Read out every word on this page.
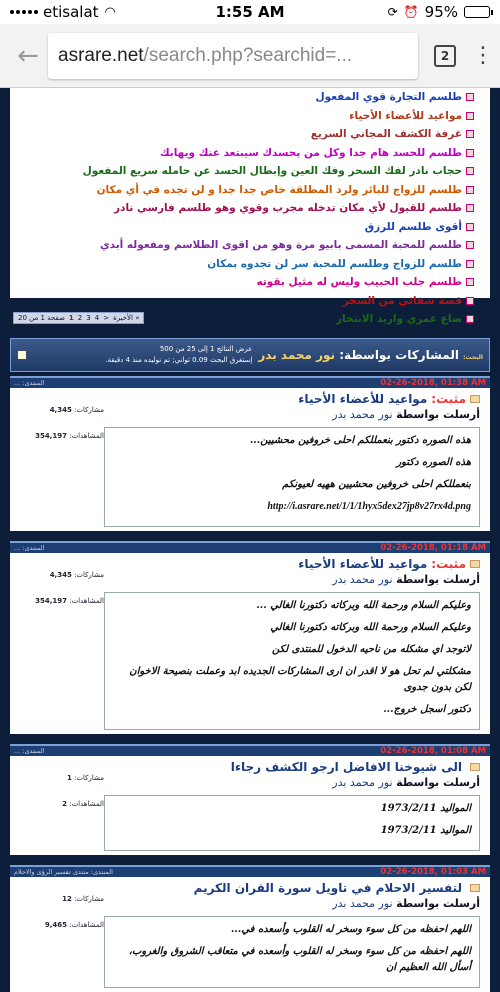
etisalat ◠	1:55 AM	⟳ ⏰ 95%
←	asrare.net /search.php?searchid=...	2	⋮
طلسم التجارة قوي المفعول
مواعيد للأعضاء الأحياء
غرفة الكشف المجاني السريع
طلسم للحسد هام جدا وكل من يحسدك سيبتعد عنك ويهابك
حجاب نادر لفك السحر وفك العين وإبطال الحسد عن حامله سريع المفعول
طلسم للزواج للبائر ولرد المطلقة خاص جدا جدا و لن تجده في أي مكان
طلسم للقبول لأي مكان تدخله مجرب وقوي وهو طلسم فارسي نادر
أقوى طلسم للرزق
طلسم للمحبة المسمى بابيو مرة وهو من اقوى الطلاسم ومفعوله أبدي
طلسم للزواج وطلسم للمحبة سر لن تجدوه بمكان
طلسم جلب الحبيب وليس له مثيل بقوته
قصة شفائي من السحر
ضاع عمري وارید الانتحار
صفحة 1 من 20 1 2 3 4 > الأخيرة »
عرض النتائج 1 إلى 25 من 500
إستغرق البحث 0.09 ثواني; تم توليده منذ 4 دقيقة.	البحث: المشاركات بواسطة: نور محمد بدر
المنتدى: ...	02-26-2018, 01:38 AM
مشاركات: 4,345
المشاهدات: 354,197
مثبت:
مواعيد للأعضاء الأحياء
أرسلت بواسطة نور محمد بدر

هذه الصوره دكتور بنعمللكم احلى خروفين محشيين...

هذه الصوره دكتور

بنعمللكم احلى خروفين محشيين ههيه لعيونكم

http://i.asrare.net/1/1/1hyx5dex27jp8v27rx4d.png

المنتدى: ...	02-26-2018, 01:18 AM
مشاركات: 4,345
المشاهدات: 354,197
مثبت:
مواعيد للأعضاء الأحياء
أرسلت بواسطة نور محمد بدر

وعليكم السلام ورحمة الله وبركاته دكتورنا الغالي ...

وعليكم السلام ورحمة الله وبركاته دكتورنا الغالي

لاتوجد اي مشكله من ناحيه الدخول للمنتدى لكن

مشكلتي لم تحل هو لا اقدر ان ارى المشاركات الجديده ابد وعملت بنصيحة الاخوان لكن بدون جدوى

دكتور اسجل خروج...

المنتدى: ...	02-26-2018, 01:08 AM
مشاركات: 1
المشاهدات: 2
الى شيوخنا الافاضل ارجو الكشف رجاءا
أرسلت بواسطة نور محمد بدر

المواليد 1973/2/11

المواليد 1973/2/11

المنتدى: منتدى تفسير الرؤى والاحلام	02-26-2018, 01:03 AM
مشاركات: 12
المشاهدات: 9,465
لتفسير الاحلام في تاويل سورة القران الكريم
أرسلت بواسطة نور محمد بدر

اللهم احفظه من كل سوء وسخر له القلوب وأسعده في...

اللهم احفظه من كل سوء وسخر له القلوب وأسعده في متعاقب الشروق والغروب، أسأل الله العظيم ان
